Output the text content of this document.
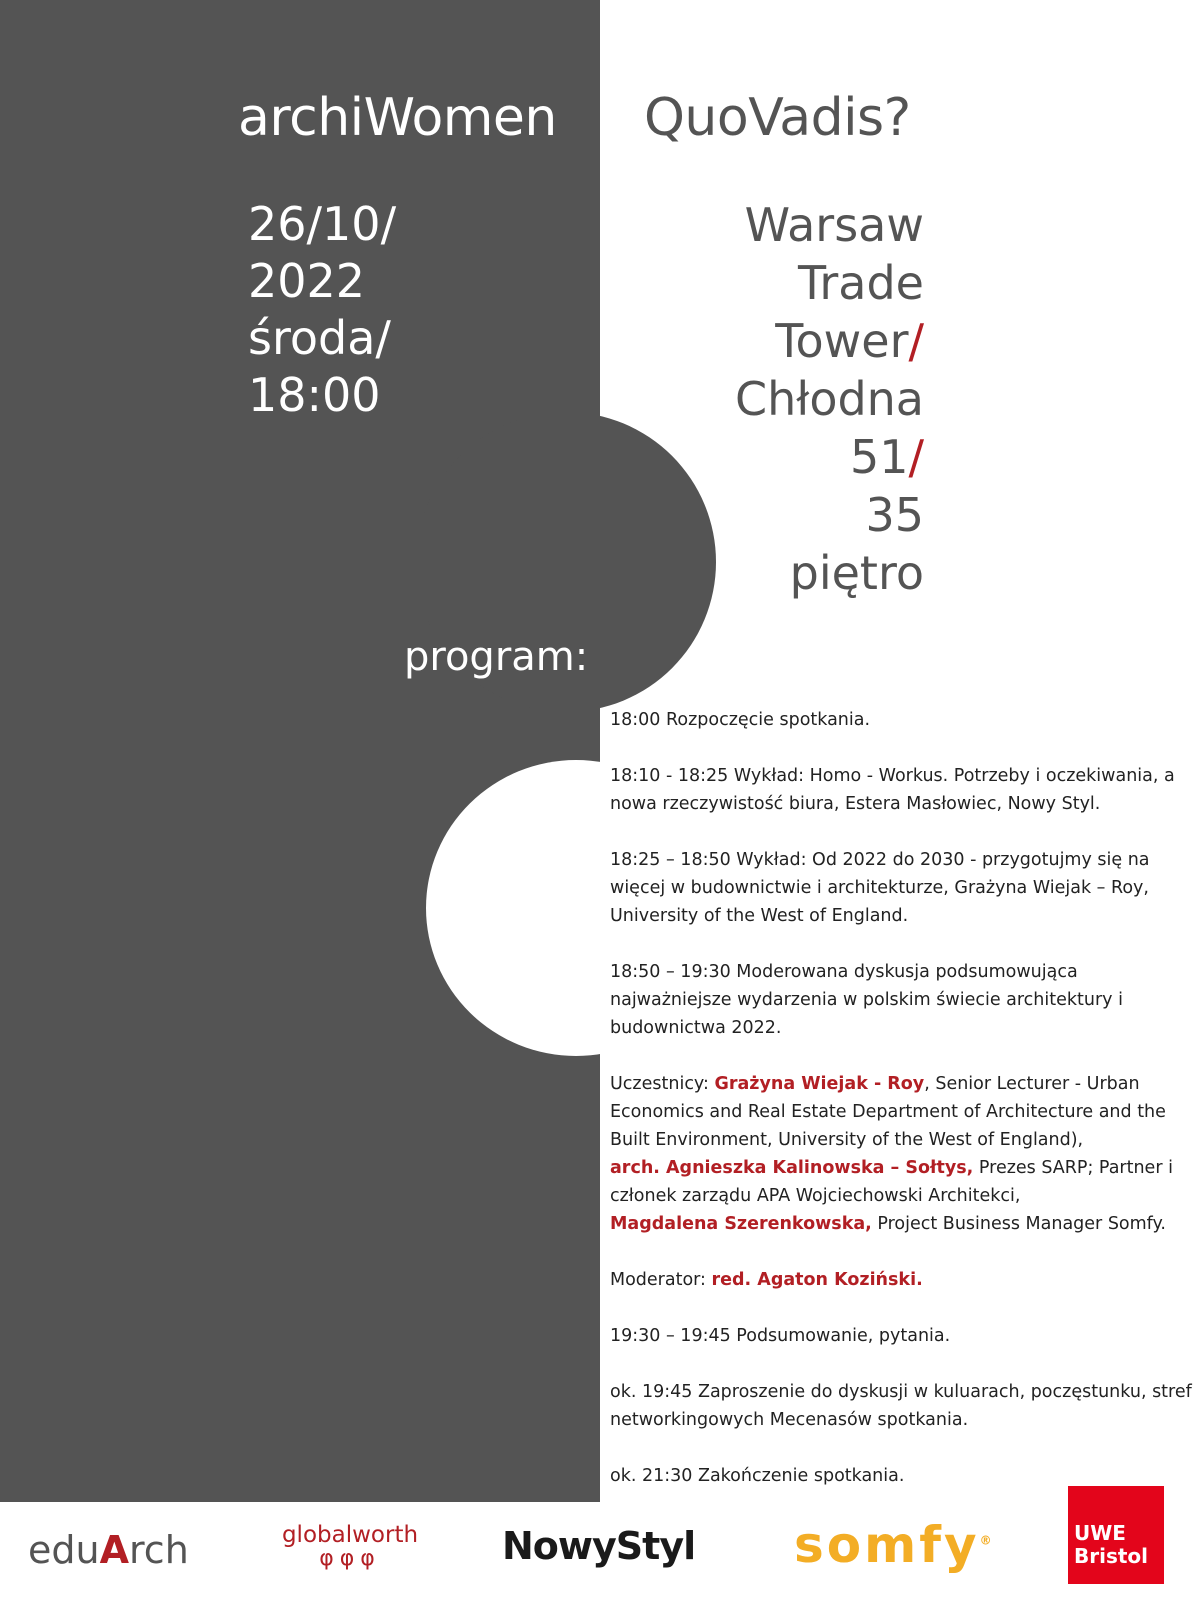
archiWomen QuoVadis?
26/10/
2022
środa/
18:00
Warsaw
Trade
Tower/
Chłodna
51/
35
piętro
program:

18:00 Rozpoczęcie spotkania.

18:10 - 18:25 Wykład: Homo - Workus. Potrzeby i oczekiwania, a nowa rzeczywistość biura, Estera Masłowiec, Nowy Styl.

18:25 – 18:50 Wykład: Od 2022 do 2030 - przygotujmy się na więcej w budownictwie i architekturze, Grażyna Wiejak – Roy, University of the West of England.

18:50 – 19:30 Moderowana dyskusja podsumowująca najważniejsze wydarzenia w polskim świecie architektury i budownictwa 2022.

Uczestnicy: Grażyna Wiejak - Roy, Senior Lecturer - Urban Economics and Real Estate Department of Architecture and the Built Environment, University of the West of England),
arch. Agnieszka Kalinowska – Sołtys, Prezes SARP; Partner i członek zarządu APA Wojciechowski Architekci,
Magdalena Szerenkowska, Project Business Manager Somfy.

Moderator: red. Agaton Koziński.

19:30 – 19:45 Podsumowanie, pytania.

ok. 19:45 Zaproszenie do dyskusji w kuluarach, poczęstunku, stref networkingowych Mecenasów spotkania.

ok. 21:30 Zakończenie spotkania.

eduArch	globalworth
φφφ	NowyStyl somfy®	UWE
Bristol
